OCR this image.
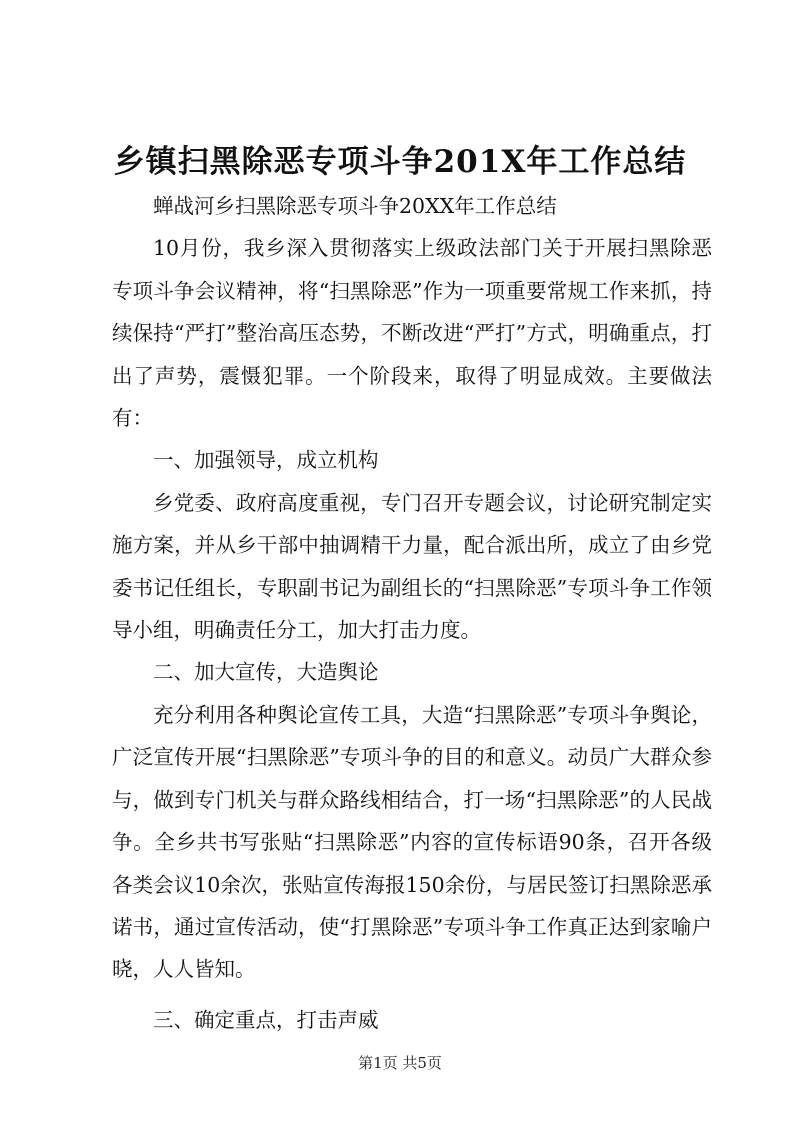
乡镇扫黑除恶专项斗争201X年工作总结

蝉战河乡扫黑除恶专项斗争20XX年工作总结

10月份，我乡深入贯彻落实上级政法部门关于开展扫黑除恶专项斗争会议精神，将“扫黑除恶”作为一项重要常规工作来抓，持续保持“严打”整治高压态势，不断改进“严打”方式，明确重点，打出了声势，震慑犯罪。一个阶段来，取得了明显成效。主要做法有：

一、加强领导，成立机构

乡党委、政府高度重视，专门召开专题会议，讨论研究制定实施方案，并从乡干部中抽调精干力量，配合派出所，成立了由乡党委书记任组长，专职副书记为副组长的“扫黑除恶”专项斗争工作领导小组，明确责任分工，加大打击力度。

二、加大宣传，大造舆论

充分利用各种舆论宣传工具，大造“扫黑除恶”专项斗争舆论，广泛宣传开展“扫黑除恶”专项斗争的目的和意义。动员广大群众参与，做到专门机关与群众路线相结合，打一场“扫黑除恶”的人民战争。全乡共书写张贴“扫黑除恶”内容的宣传标语90条，召开各级各类会议10余次，张贴宣传海报150余份，与居民签订扫黑除恶承诺书，通过宣传活动，使“打黑除恶”专项斗争工作真正达到家喻户晓，人人皆知。

三、确定重点，打击声威

第1页 共5页
